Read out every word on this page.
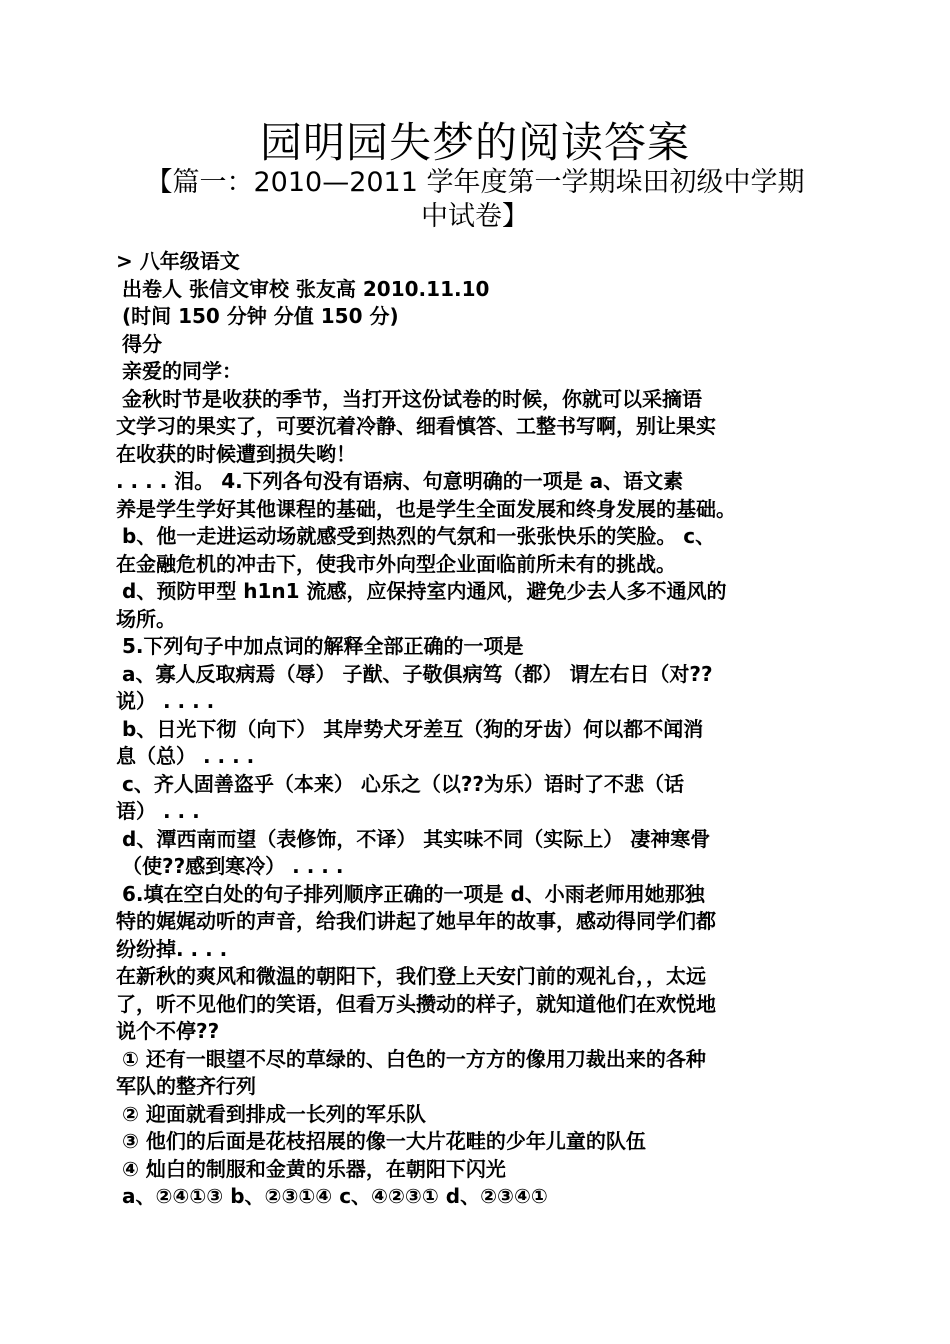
园明园失梦的阅读答案
【篇一：2010—2011 学年度第一学期垛田初级中学期
中试卷】
> 八年级语文
出卷人 张信文审校 张友高 2010.11.10
(时间 150 分钟 分值 150 分)
得分
亲爱的同学：
金秋时节是收获的季节，当打开这份试卷的时候，你就可以采摘语
文学习的果实了，可要沉着冷静、细看慎答、工整书写啊，别让果实
在收获的时候遭到损失哟！
. . . . 泪。 4.下列各句没有语病、句意明确的一项是 a、语文素
养是学生学好其他课程的基础，也是学生全面发展和终身发展的基础。
b、他一走进运动场就感受到热烈的气氛和一张张快乐的笑脸。 c、
在金融危机的冲击下，使我市外向型企业面临前所未有的挑战。
d、预防甲型 h1n1 流感，应保持室内通风，避免少去人多不通风的
场所。
5.下列句子中加点词的解释全部正确的一项是
a、寡人反取病焉（辱） 子猷、子敬俱病笃（都） 谓左右日（对??
说） . . . .
b、日光下彻（向下） 其岸势犬牙差互（狗的牙齿）何以都不闻消
息（总） . . . .
c、齐人固善盗乎（本来） 心乐之（以??为乐）语时了不悲（话
语） . . .
d、潭西南而望（表修饰，不译） 其实味不同（实际上） 凄神寒骨
（使??感到寒冷） . . . .
6.填在空白处的句子排列顺序正确的一项是 d、小雨老师用她那独
特的娓娓动听的声音，给我们讲起了她早年的故事，感动得同学们都
纷纷掉. . . .
在新秋的爽风和微温的朝阳下，我们登上天安门前的观礼台，，太远
了，听不见他们的笑语，但看万头攒动的样子，就知道他们在欢悦地
说个不停??
① 还有一眼望不尽的草绿的、白色的一方方的像用刀裁出来的各种
军队的整齐行列
② 迎面就看到排成一长列的军乐队
③ 他们的后面是花枝招展的像一大片花畦的少年儿童的队伍
④ 灿白的制服和金黄的乐器，在朝阳下闪光
a、②④①③ b、②③①④ c、④②③① d、②③④①
